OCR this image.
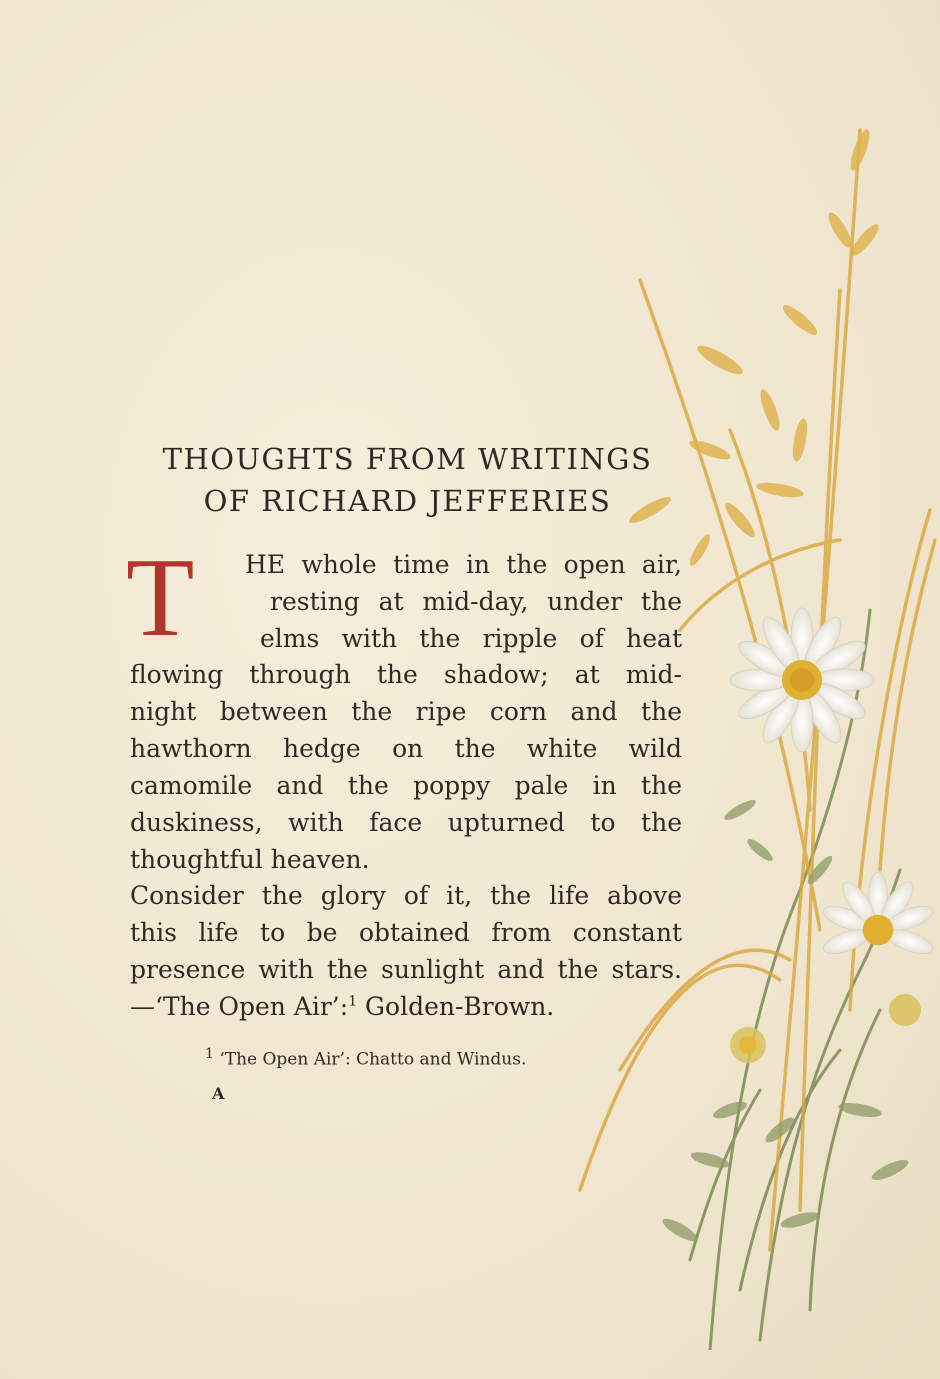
THOUGHTS FROM WRITINGS
OF RICHARD JEFFERIES
T HE whole time in the open air,
resting at mid-day, under the
elms with the ripple of heat
flowing through the shadow; at mid-
night between the ripe corn and the
hawthorn hedge on the white wild
camomile and the poppy pale in the
duskiness, with face upturned to the
thoughtful heaven.
Consider the glory of it, the life above
this life to be obtained from constant
presence with the sunlight and the stars.
—‘The Open Air’:$^1$ Golden-Brown.
$^1$ ‘The Open Air’: Chatto and Windus.
A
